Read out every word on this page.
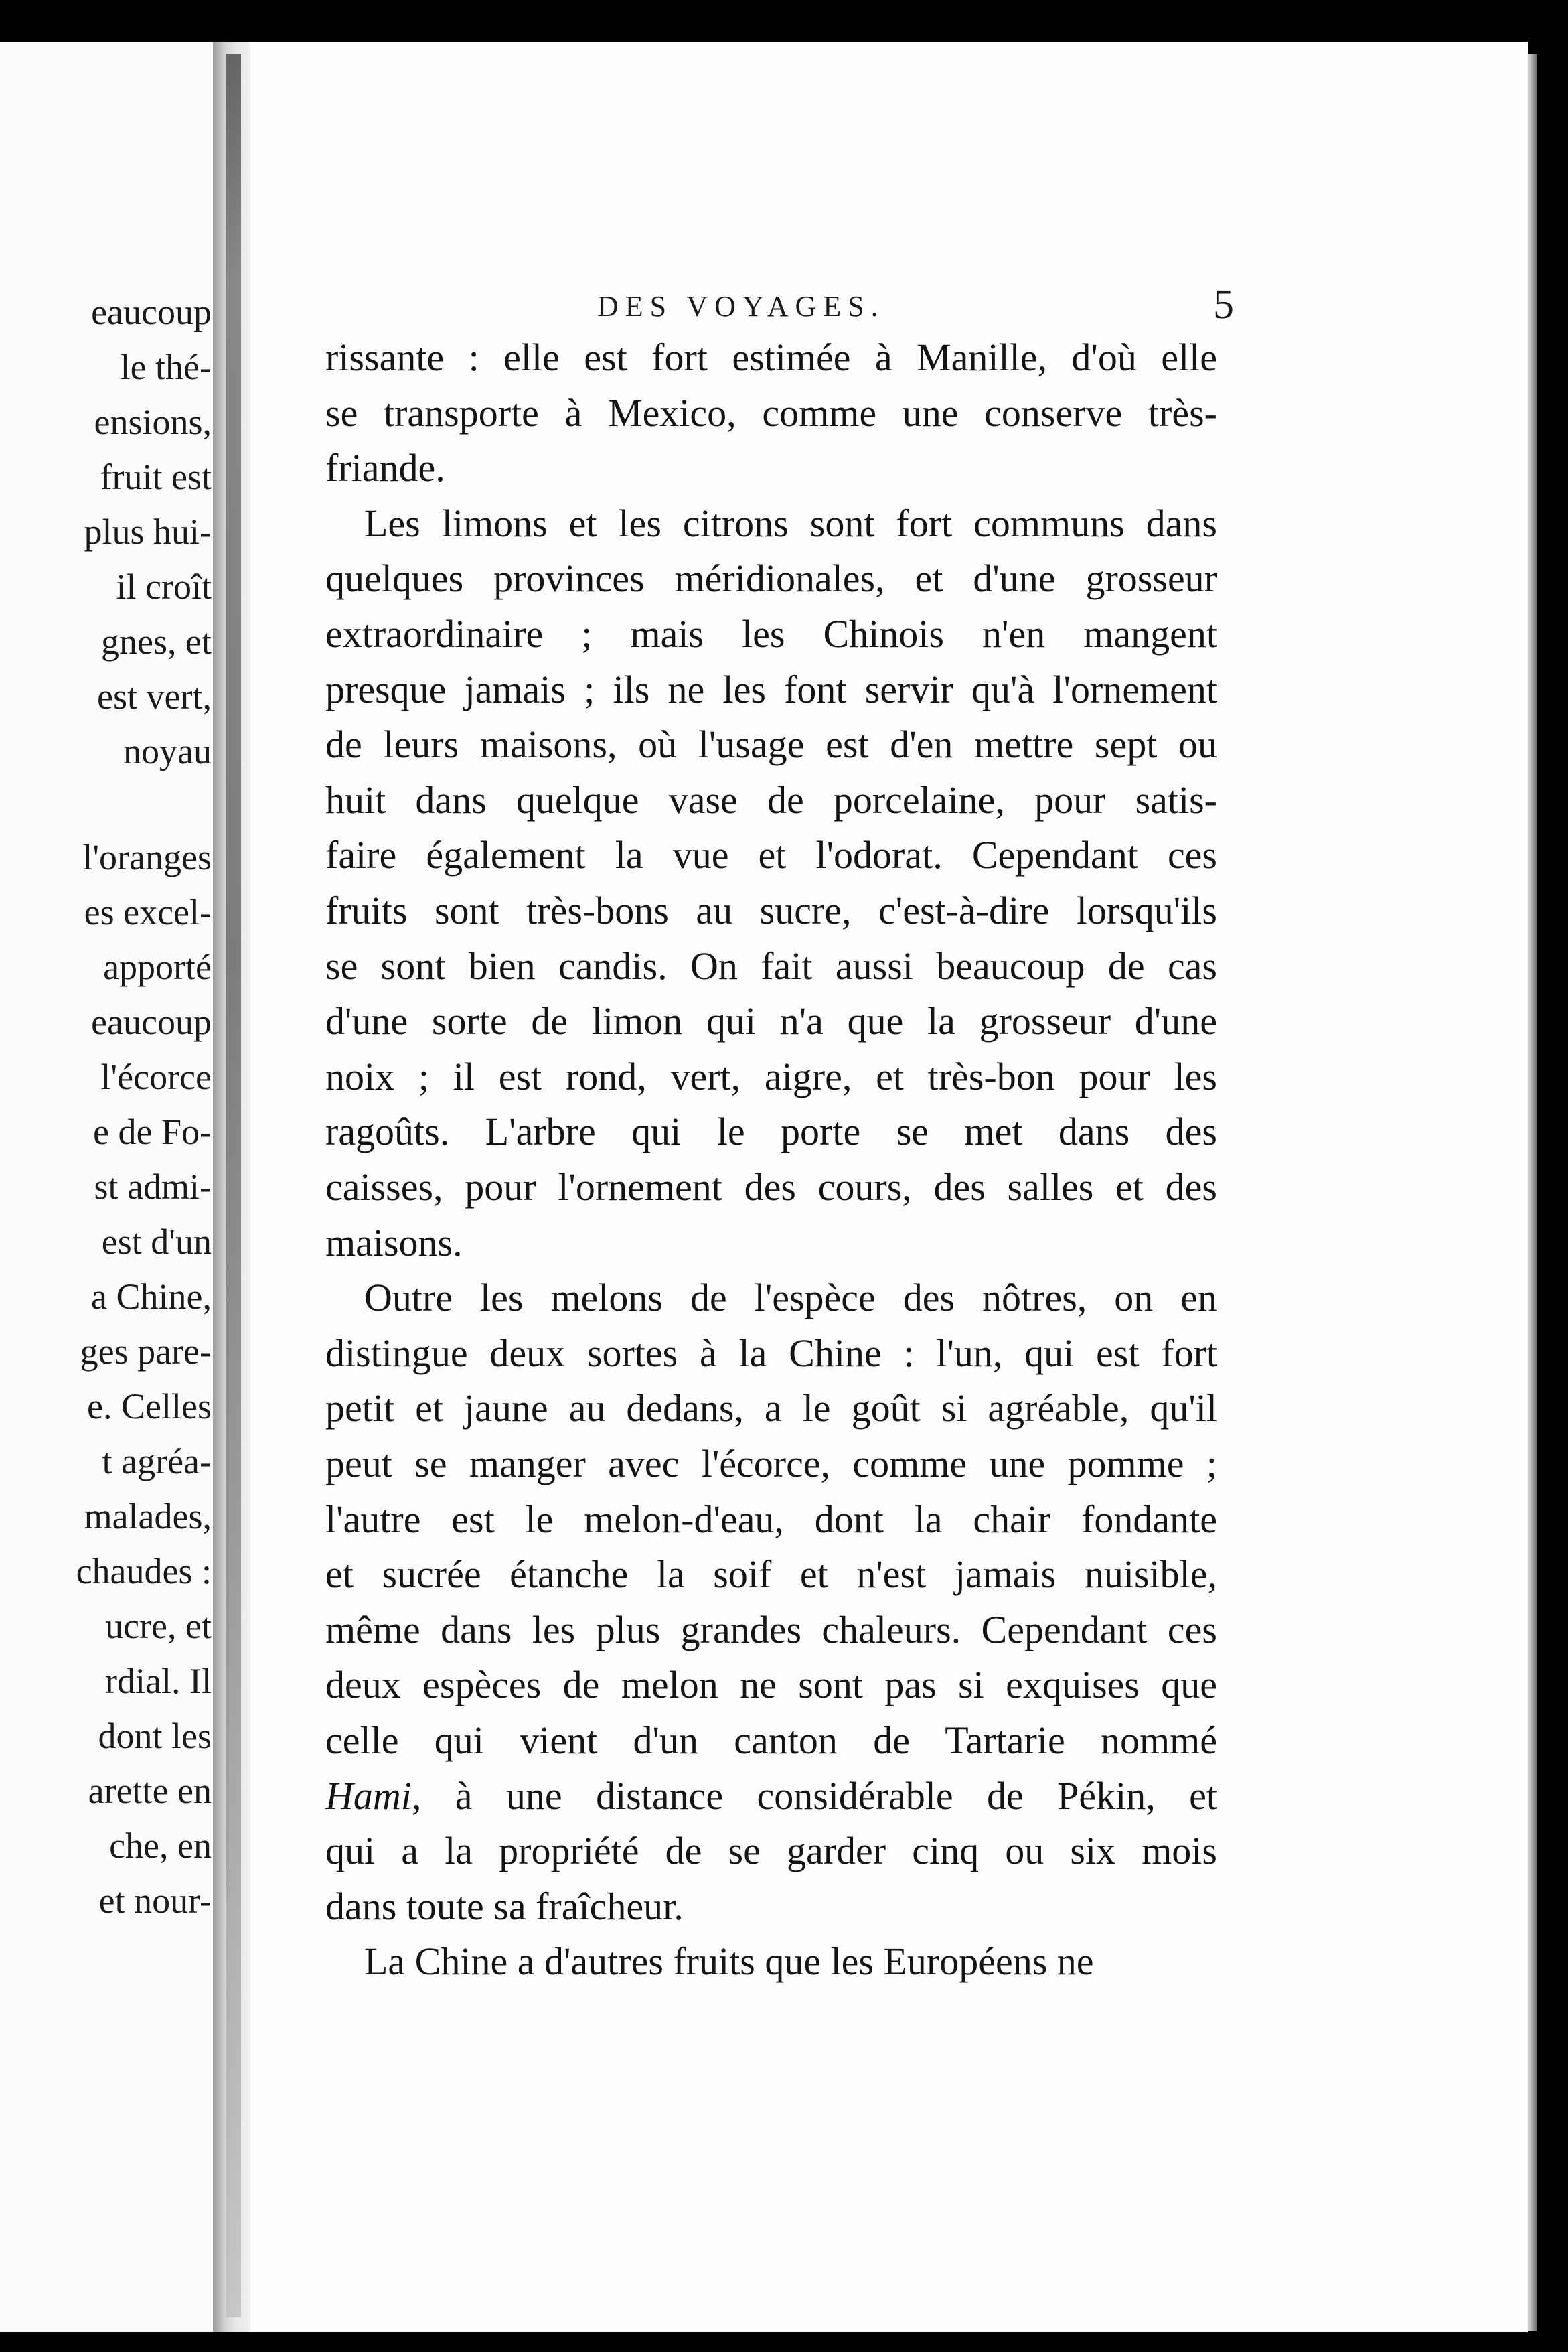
eaucoup
le thé-
ensions,
fruit est
plus hui-
il croît
gnes, et
est vert,
noyau
l'oranges
es excel-
apporté
eaucoup
l'écorce
e de Fo-
st admi-
est d'un
a Chine,
ges pare-
e. Celles
t agréa-
malades,
chaudes :
ucre, et
rdial. Il
dont les
arette en
che, en
et nour-
DES VOYAGES.	5
rissante : elle est fort estimée à Manille, d'où elle
se transporte à Mexico, comme une conserve très-
friande.
Les limons et les citrons sont fort communs dans
quelques provinces méridionales, et d'une grosseur
extraordinaire ; mais les Chinois n'en mangent
presque jamais ; ils ne les font servir qu'à l'ornement
de leurs maisons, où l'usage est d'en mettre sept ou
huit dans quelque vase de porcelaine, pour satis-
faire également la vue et l'odorat. Cependant ces
fruits sont très-bons au sucre, c'est-à-dire lorsqu'ils
se sont bien candis. On fait aussi beaucoup de cas
d'une sorte de limon qui n'a que la grosseur d'une
noix ; il est rond, vert, aigre, et très-bon pour les
ragoûts. L'arbre qui le porte se met dans des
caisses, pour l'ornement des cours, des salles et des
maisons.
Outre les melons de l'espèce des nôtres, on en
distingue deux sortes à la Chine : l'un, qui est fort
petit et jaune au dedans, a le goût si agréable, qu'il
peut se manger avec l'écorce, comme une pomme ;
l'autre est le melon-d'eau, dont la chair fondante
et sucrée étanche la soif et n'est jamais nuisible,
même dans les plus grandes chaleurs. Cependant ces
deux espèces de melon ne sont pas si exquises que
celle qui vient d'un canton de Tartarie nommé
Hami, à une distance considérable de Pékin, et
qui a la propriété de se garder cinq ou six mois
dans toute sa fraîcheur.
La Chine a d'autres fruits que les Européens ne
